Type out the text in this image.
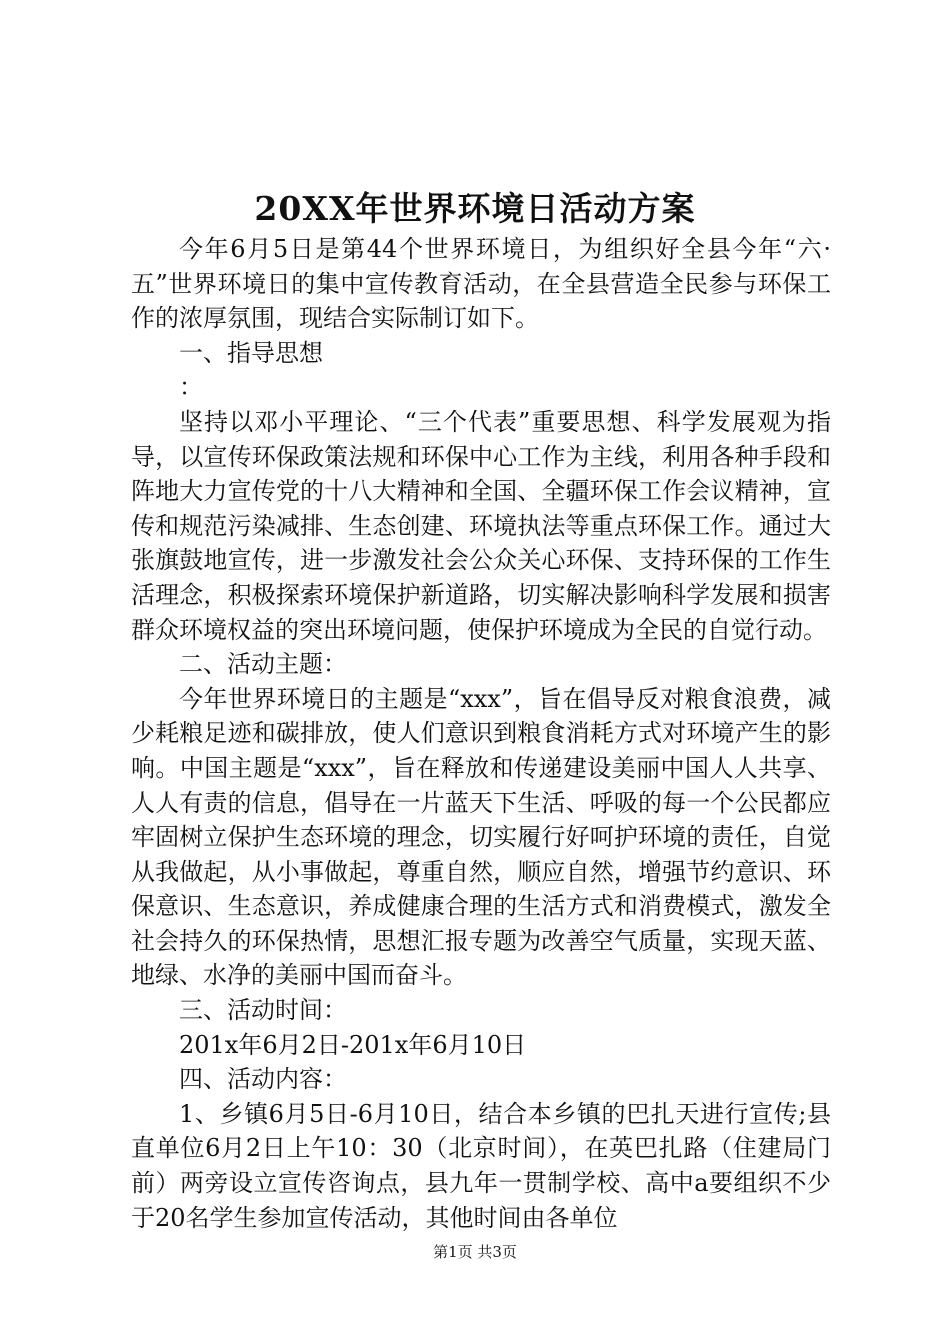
20XX年世界环境日活动方案

今年6月5日是第44个世界环境日，为组织好全县今年“六·五”世界环境日的集中宣传教育活动，在全县营造全民参与环保工作的浓厚氛围，现结合实际制订如下。

一、指导思想

：

坚持以邓小平理论、“三个代表”重要思想、科学发展观为指导，以宣传环保政策法规和环保中心工作为主线，利用各种手段和阵地大力宣传党的十八大精神和全国、全疆环保工作会议精神，宣传和规范污染减排、生态创建、环境执法等重点环保工作。通过大张旗鼓地宣传，进一步激发社会公众关心环保、支持环保的工作生活理念，积极探索环境保护新道路，切实解决影响科学发展和损害群众环境权益的突出环境问题，使保护环境成为全民的自觉行动。

二、活动主题：

今年世界环境日的主题是“xxx”，旨在倡导反对粮食浪费，减少耗粮足迹和碳排放，使人们意识到粮食消耗方式对环境产生的影响。中国主题是“xxx”，旨在释放和传递建设美丽中国人人共享、人人有责的信息，倡导在一片蓝天下生活、呼吸的每一个公民都应牢固树立保护生态环境的理念，切实履行好呵护环境的责任，自觉从我做起，从小事做起，尊重自然，顺应自然，增强节约意识、环保意识、生态意识，养成健康合理的生活方式和消费模式，激发全社会持久的环保热情，思想汇报专题为改善空气质量，实现天蓝、地绿、水净的美丽中国而奋斗。

三、活动时间：

201x年6月2日-201x年6月10日

四、活动内容：

1、乡镇6月5日-6月10日，结合本乡镇的巴扎天进行宣传;县直单位6月2日上午10：30（北京时间），在英巴扎路（住建局门前）两旁设立宣传咨询点，县九年一贯制学校、高中a要组织不少于20名学生参加宣传活动，其他时间由各单位

第1页 共3页
